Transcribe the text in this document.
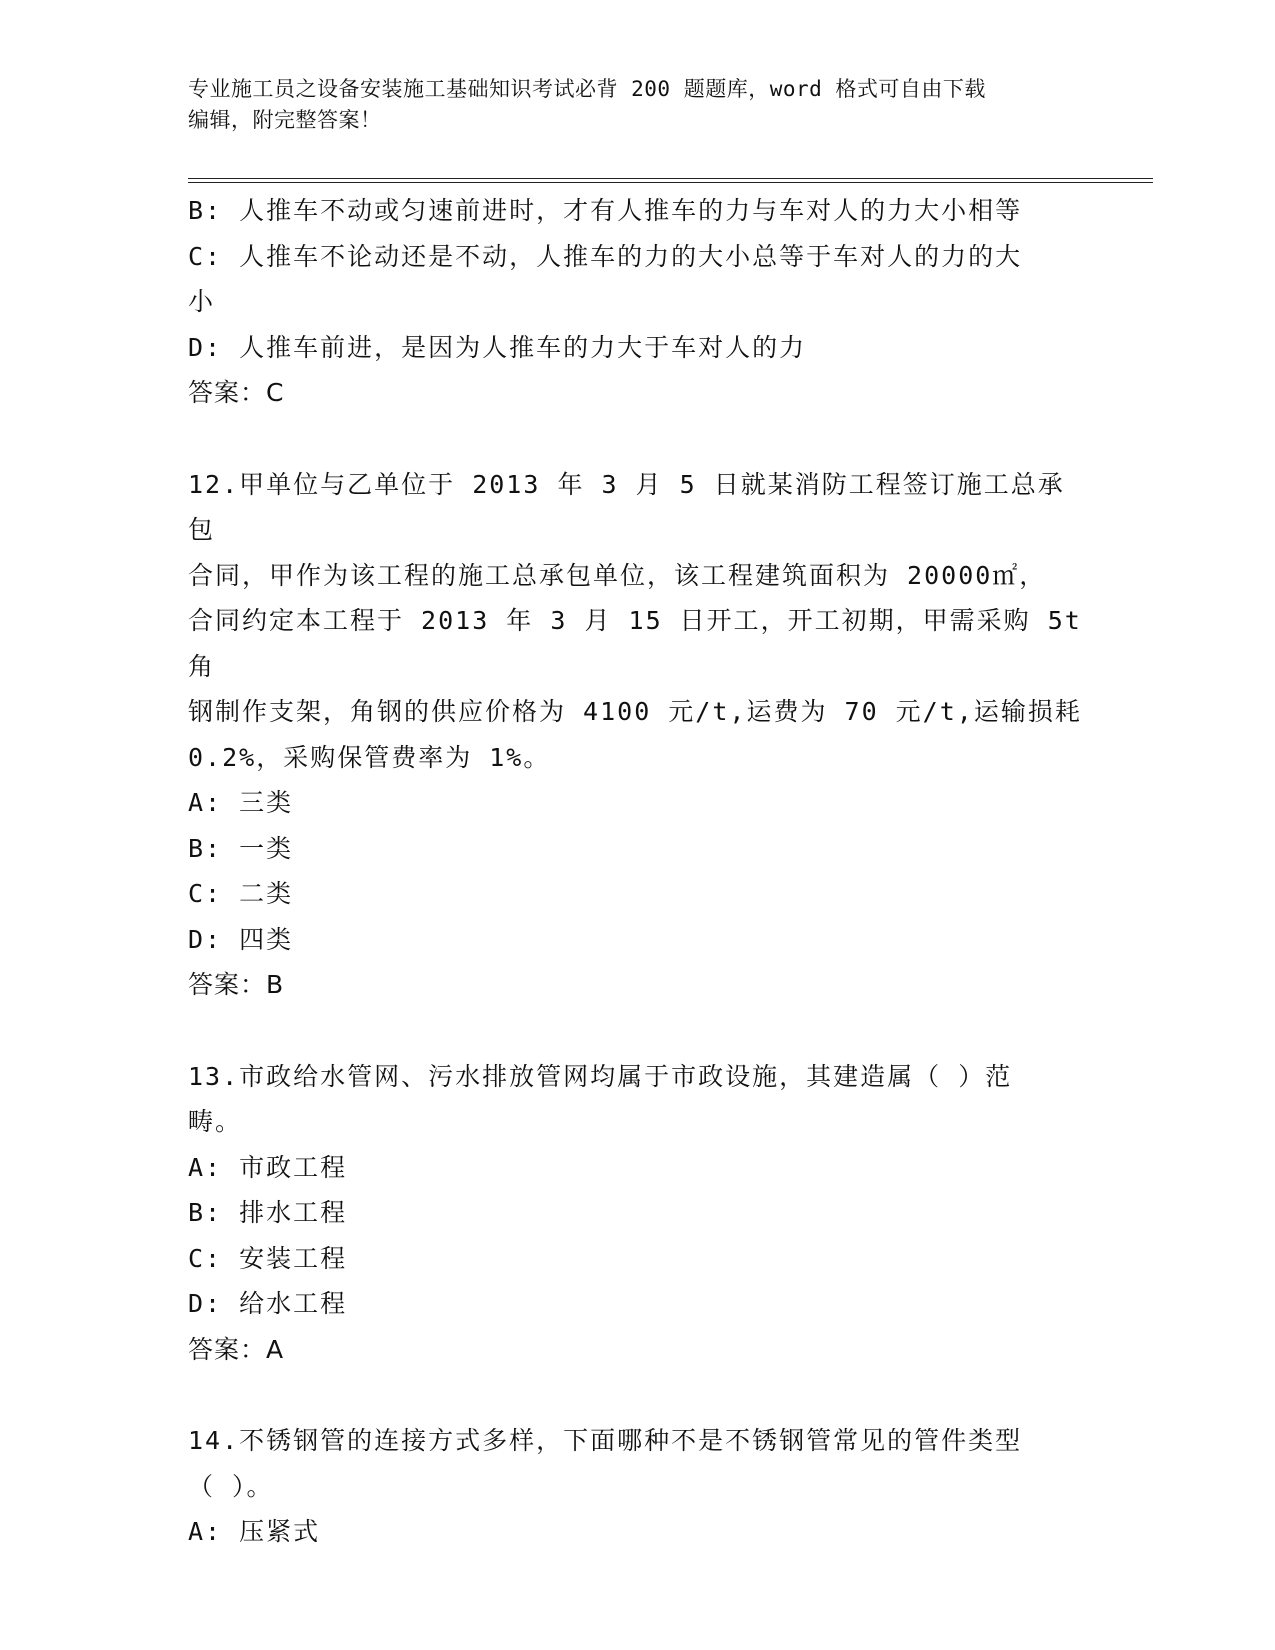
专业施工员之设备安装施工基础知识考试必背 200 题题库，word 格式可自由下载
编辑，附完整答案！
B: 人推车不动或匀速前进时，才有人推车的力与车对人的力大小相等
C: 人推车不论动还是不动，人推车的力的大小总等于车对人的力的大
小
D: 人推车前进，是因为人推车的力大于车对人的力
答案：C
12.甲单位与乙单位于 2013 年 3 月 5 日就某消防工程签订施工总承包
合同，甲作为该工程的施工总承包单位，该工程建筑面积为 20000㎡，
合同约定本工程于 2013 年 3 月 15 日开工，开工初期，甲需采购 5t 角
钢制作支架，角钢的供应价格为 4100 元/t,运费为 70 元/t,运输损耗
0.2%，采购保管费率为 1%。
A: 三类
B: 一类
C: 二类
D: 四类
答案：B
13.市政给水管网、污水排放管网均属于市政设施，其建造属（ ）范
畴。
A: 市政工程
B: 排水工程
C: 安装工程
D: 给水工程
答案：A
14.不锈钢管的连接方式多样，下面哪种不是不锈钢管常见的管件类型
（ ）。
A: 压紧式
